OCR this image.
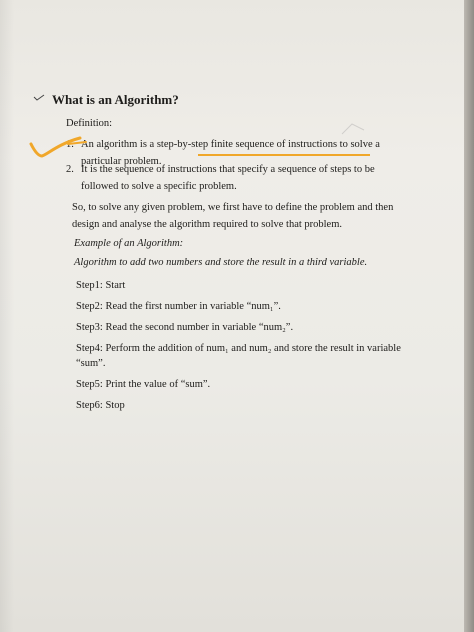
What is an Algorithm?
Definition:
1. An algorithm is a step-by-step finite sequence of instructions to solve a
particular problem.
2. It is the sequence of instructions that specify a sequence of steps to be
followed to solve a specific problem.
So, to solve any given problem, we first have to define the problem and then
design and analyse the algorithm required to solve that problem.
Example of an Algorithm:
Algorithm to add two numbers and store the result in a third variable.
Step1: Start
Step2: Read the first number in variable “num₁”.
Step3: Read the second number in variable “num₂”.
Step4: Perform the addition of num₁ and num₂ and store the result in variable
“sum”.
Step5: Print the value of “sum”.
Step6: Stop
